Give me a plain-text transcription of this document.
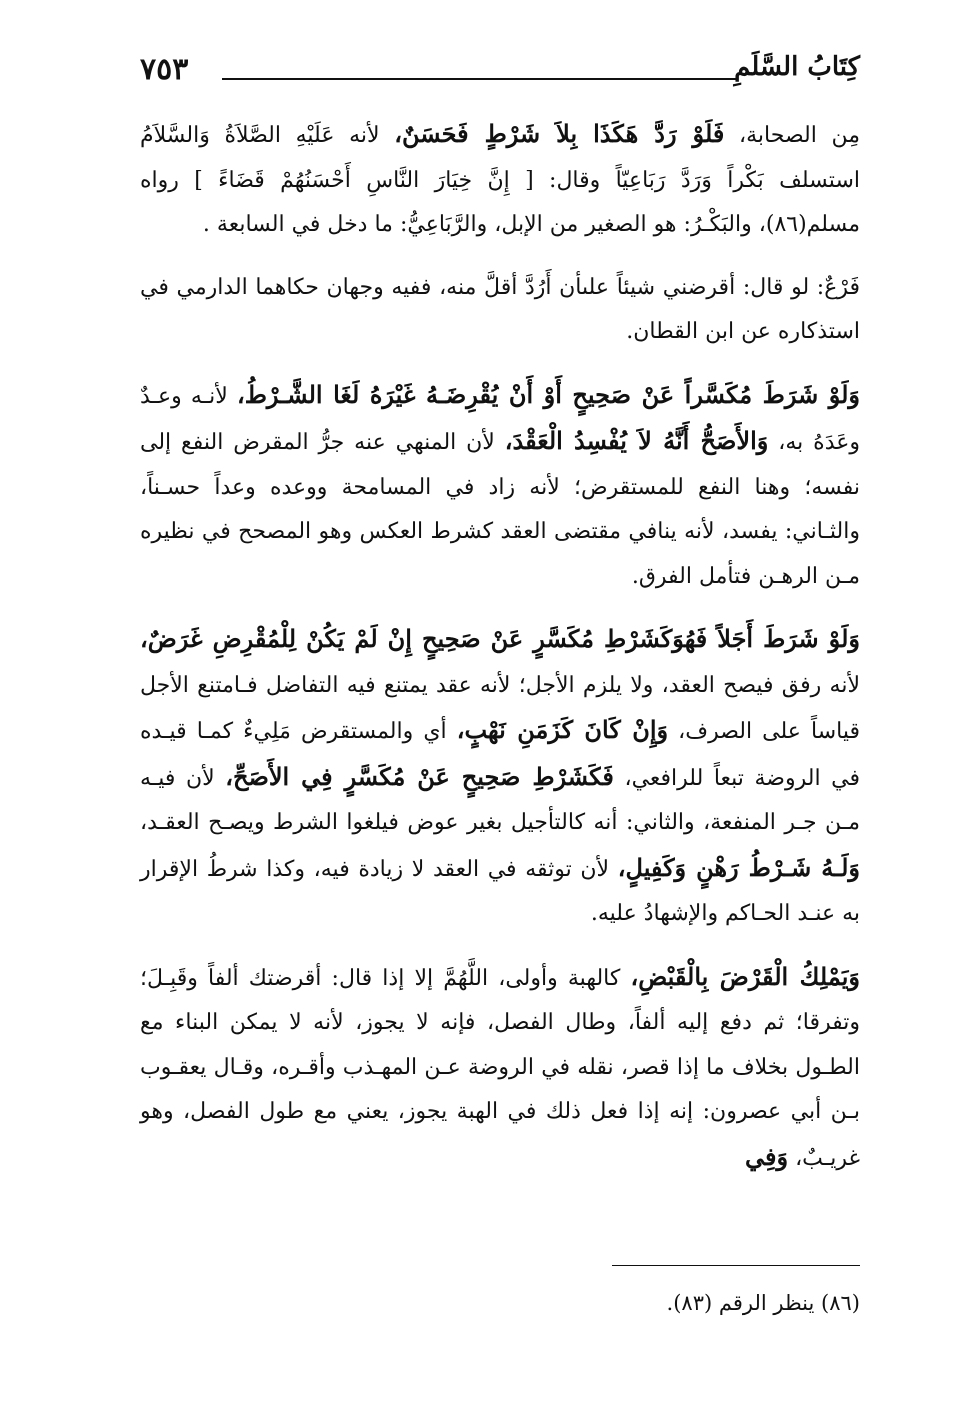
٧٥٣	كِتَابُ السَّلَمِ

مِن الصحابة، فَلَوْ رَدَّ هَكَذَا بِلاَ شَرْطٍ فَحَسَنٌ، لأنه عَلَيْهِ الصَّلاَةُ وَالسَّلاَمُ استسلف بَكْراً وَرَدَّ رَبَاعِيّاً وقال: [ إِنَّ خِيَارَ النَّاسِ أَحْسَنُهُمْ قَضَاءً ] رواه مسلم(٨٦)، والبَكْـرُ: هو الصغير من الإبل، والرَّبَاعِيُّ: ما دخل في السابعة .

فَرْعٌ: لو قال: أقرضني شيئاً علىأن أَرُدَّ أقلَّ منه، ففيه وجهان حكاهما الدارمي في استذكاره عن ابن القطان.

وَلَوْ شَرَطَ مُكَسَّراً عَنْ صَحِيحٍ أَوْ أَنْ يُقْرِضَـهُ غَيْرَهُ لَغَا الشَّـرْطُ، لأنـه وعـدٌ وعَدَهُ به، وَالأَصَحُّ أَنَّهُ لاَ يُفْسِدُ الْعَقْدَ، لأن المنهي عنه جرُّ المقرض النفع إلى نفسه؛ وهنا النفع للمستقرض؛ لأنه زاد في المسامحة ووعده وعداً حسـناً، والثـاني: يفسد، لأنه ينافي مقتضى العقد كشرط العكس وهو المصحح في نظيره مـن الرهـن فتأمل الفرق.

وَلَوْ شَرَطَ أَجَلاً فَهُوَكَشَرْطِ مُكَسَّرٍ عَنْ صَحِيحٍ إِنْ لَمْ يَكُنْ لِلْمُقْرِضِ غَرَضٌ، لأنه رفق فيصح العقد، ولا يلزم الأجل؛ لأنه عقد يمتنع فيه التفاضل فـامتنع الأجل قياساً على الصرف، وَإِنْ كَانَ كَزَمَنِ نَهْبٍ، أي والمستقرض مَلِيءٌ كمـا قيـده في الروضة تبعاً للرافعي، فَكَشَرْطِ صَحِيحٍ عَنْ مُكَسَّرٍ فِي الأَصَحِّ، لأن فيـه مـن جـر المنفعة، والثاني: أنه كالتأجيل بغير عوض فيلغوا الشرط ويصـح العقـد، وَلَـهُ شَـرْطُ رَهْنٍ وَكَفِيلٍ، لأن توثقه في العقد لا زيادة فيه، وكذا شرطُ الإقرار به عنـد الحـاكم والإشهادُ عليه.

وَيَمْلِكُ الْقَرْضَ بِالْقَبْضِ، كالهبة وأولى، اللَّهُمَّ إلا إذا قال: أقرضتك ألفاً وقَبِـلَ؛ وتفرقا؛ ثم دفع إليه ألفاً، وطال الفصل، فإنه لا يجوز، لأنه لا يمكن البناء مع الطـول بخلاف ما إذا قصر، نقله في الروضة عـن المهـذب وأقـره، وقـال يعقـوب بـن أبي عصرون: إنه إذا فعل ذلك في الهبة يجوز، يعني مع طول الفصل، وهو غريـبٌ، وَفِي

(٨٦) ينظر الرقم (٨٣).
